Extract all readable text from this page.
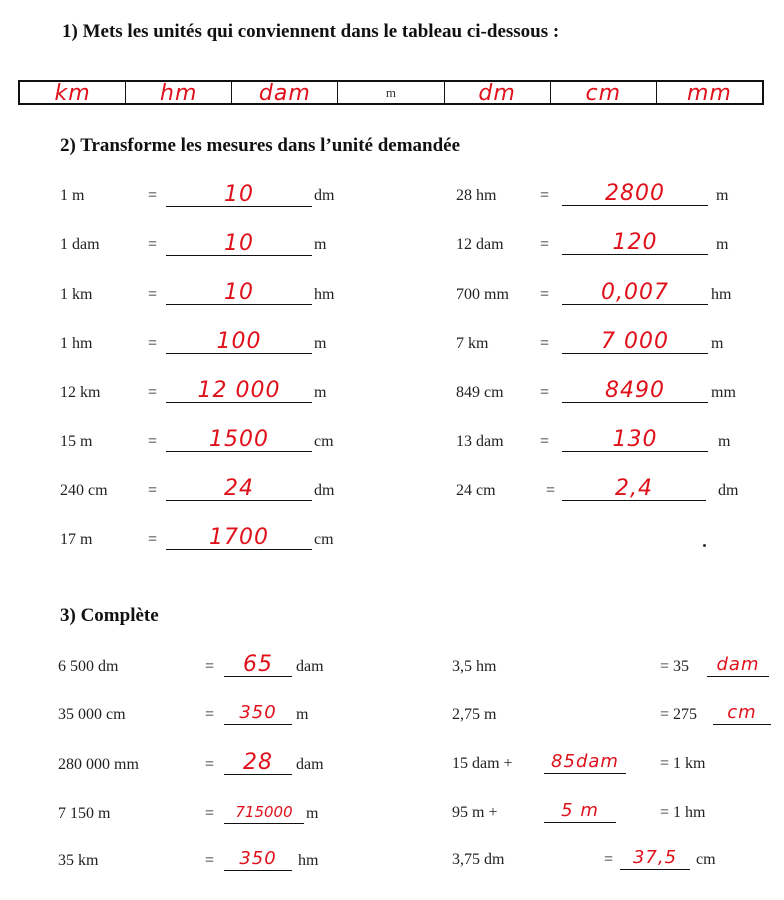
1) Mets les unités qui conviennent dans le tableau ci-dessous :
km	hm	dam	m	dm	cm	mm
2) Transforme les mesures dans l’unité demandée
1 m	=	10	dm
1 dam	=	10	m
1 km	=	10	hm
1 hm	=	100	m
12 km	=	12 000	m
15 m	=	1500	cm
240 cm	=	24	dm
17 m	=	1700	cm
28 hm	=	2800	m
12 dam =	120	m
700 mm =	0,007	hm
7 km	=	7 000	m
849 cm =	8490	mm
13 dam =	130	m
24 cm	=	2,4	dm
3) Complète
6 500 dm	=	65	dam
35 000 cm	=	350	m
280 000 mm	=	28	dam
7 150 m	=	715000 m
35 km	=	350	hm
3,5 hm	= 35	dam
2,75 m	= 275	cm
15 dam +	85dam	= 1 km
95 m +	5 m	= 1 hm
3,75 dm	=	37,5	cm
